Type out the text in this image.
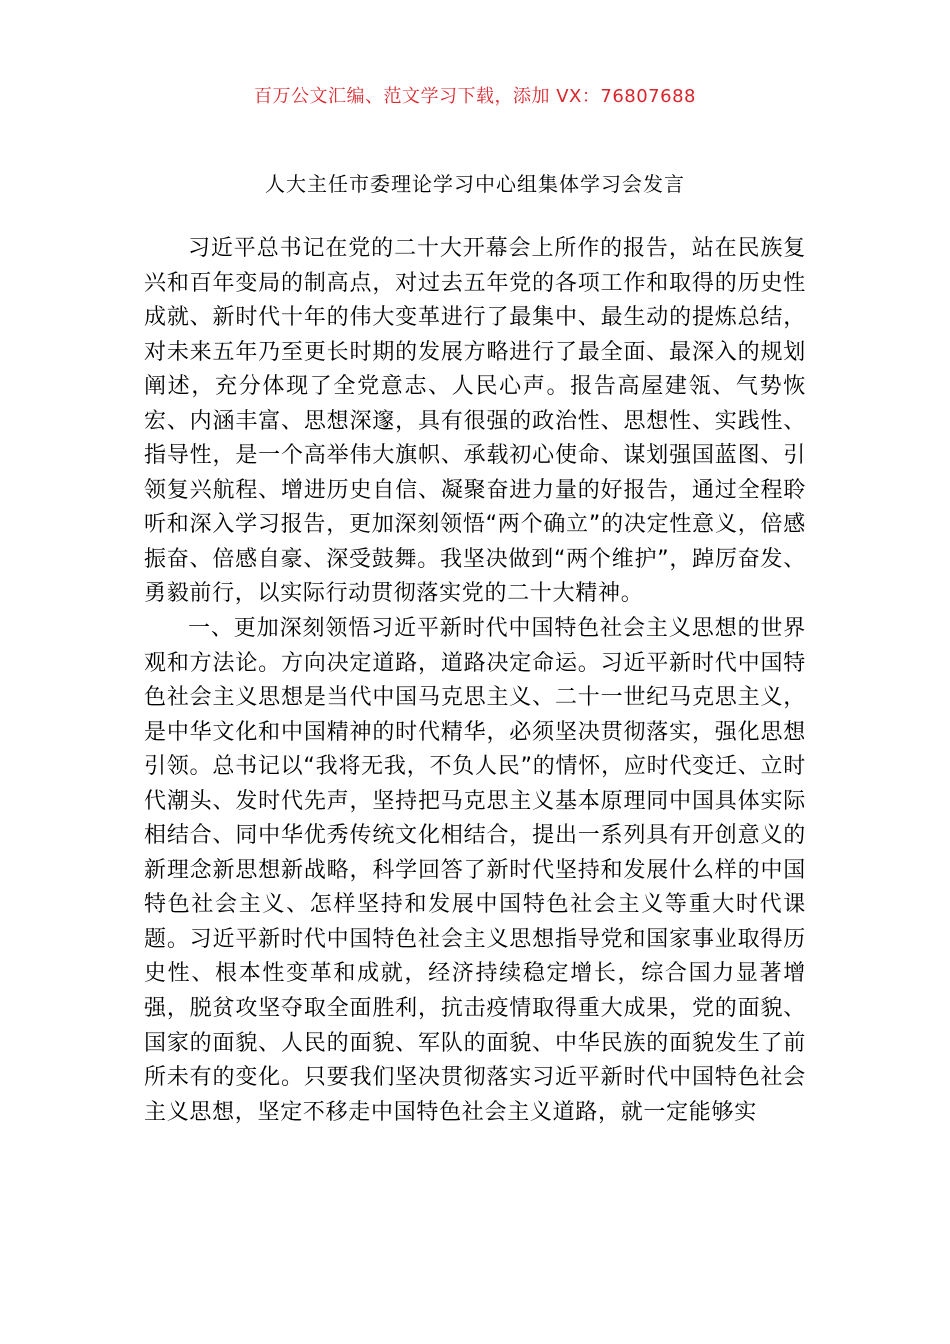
百万公文汇编、范文学习下载，添加 VX：76807688
人大主任市委理论学习中心组集体学习会发言

习近平总书记在党的二十大开幕会上所作的报告，站在民族复兴和百年变局的制高点，对过去五年党的各项工作和取得的历史性成就、新时代十年的伟大变革进行了最集中、最生动的提炼总结，对未来五年乃至更长时期的发展方略进行了最全面、最深入的规划阐述，充分体现了全党意志、人民心声。报告高屋建瓴、气势恢宏、内涵丰富、思想深邃，具有很强的政治性、思想性、实践性、指导性，是一个高举伟大旗帜、承载初心使命、谋划强国蓝图、引领复兴航程、增进历史自信、凝聚奋进力量的好报告，通过全程聆听和深入学习报告，更加深刻领悟“两个确立”的决定性意义，倍感振奋、倍感自豪、深受鼓舞。我坚决做到“两个维护”，踔厉奋发、勇毅前行，以实际行动贯彻落实党的二十大精神。

一、更加深刻领悟习近平新时代中国特色社会主义思想的世界观和方法论。方向决定道路，道路决定命运。习近平新时代中国特色社会主义思想是当代中国马克思主义、二十一世纪马克思主义，是中华文化和中国精神的时代精华，必须坚决贯彻落实，强化思想引领。总书记以“我将无我，不负人民”的情怀，应时代变迁、立时代潮头、发时代先声，坚持把马克思主义基本原理同中国具体实际相结合、同中华优秀传统文化相结合，提出一系列具有开创意义的新理念新思想新战略，科学回答了新时代坚持和发展什么样的中国特色社会主义、怎样坚持和发展中国特色社会主义等重大时代课题。习近平新时代中国特色社会主义思想指导党和国家事业取得历史性、根本性变革和成就，经济持续稳定增长，综合国力显著增强，脱贫攻坚夺取全面胜利，抗击疫情取得重大成果，党的面貌、国家的面貌、人民的面貌、军队的面貌、中华民族的面貌发生了前所未有的变化。只要我们坚决贯彻落实习近平新时代中国特色社会主义思想，坚定不移走中国特色社会主义道路，就一定能够实
